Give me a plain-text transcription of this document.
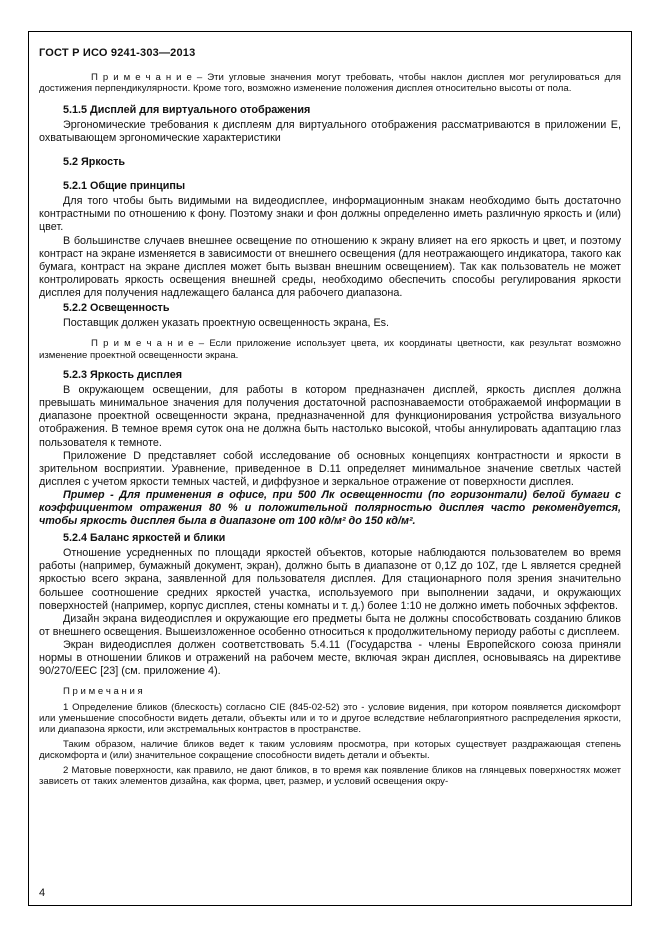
ГОСТ Р ИСО 9241-303—2013

П р и м е ч а н и е – Эти угловые значения могут требовать, чтобы наклон дисплея мог регулироваться для достижения перпендикулярности. Кроме того, возможно изменение положения дисплея относительно высоты от пола.

5.1.5 Дисплей для виртуального отображения

Эргономические требования к дисплеям для виртуального отображения рассматриваются в приложении E, охватывающем эргономические характеристики

5.2 Яркость

5.2.1 Общие принципы

Для того чтобы быть видимыми на видеодисплее, информационным знакам необходимо быть достаточно контрастными по отношению к фону. Поэтому знаки и фон должны определенно иметь различную яркость и (или) цвет.

В большинстве случаев внешнее освещение по отношению к экрану влияет на его яркость и цвет, и поэтому контраст на экране изменяется в зависимости от внешнего освещения (для неотражающего индикатора, такого как бумага, контраст на экране дисплея может быть вызван внешним освещением). Так как пользователь не может контролировать яркость освещения внешней среды, необходимо обеспечить способы регулирования яркости дисплея для получения надлежащего баланса для рабочего диапазона.

5.2.2 Освещенность

Поставщик должен указать проектную освещенность экрана, Es.

П р и м е ч а н и е – Если приложение использует цвета, их координаты цветности, как результат возможно изменение проектной освещенности экрана.

5.2.3 Яркость дисплея

В окружающем освещении, для работы в котором предназначен дисплей, яркость дисплея должна превышать минимальное значения для получения достаточной распознаваемости отображаемой информации в диапазоне проектной освещенности экрана, предназначенной для функционирования устройства визуального отображения. В темное время суток она не должна быть настолько высокой, чтобы аннулировать адаптацию глаз пользователя к темноте.

Приложение D представляет собой исследование об основных концепциях контрастности и яркости в зрительном восприятии. Уравнение, приведенное в D.11 определяет минимальное значение светлых частей дисплея с учетом яркости темных частей, и диффузное и зеркальное отражение от поверхности дисплея.

Пример - Для применения в офисе, при 500 Лк освещенности (по горизонтали) белой бумаги с коэффициентом отражения 80 % и положительной полярностью дисплея часто рекомендуется, чтобы яркость дисплея была в диапазоне от 100 кд/м² до 150 кд/м².

5.2.4 Баланс яркостей и блики

Отношение усредненных по площади яркостей объектов, которые наблюдаются пользователем во время работы (например, бумажный документ, экран), должно быть в диапазоне от 0,1Z до 10Z, где L является средней яркостью всего экрана, заявленной для пользователя дисплея. Для стационарного поля зрения значительно большее соотношение средних яркостей участка, используемого при выполнении задачи, и окружающих поверхностей (например, корпус дисплея, стены комнаты и т. д.) более 1:10 не должно иметь побочных эффектов.

Дизайн экрана видеодисплея и окружающие его предметы быта не должны способствовать созданию бликов от внешнего освещения. Вышеизложенное особенно относиться к продолжительному периоду работы с дисплеем.

Экран видеодисплея должен соответствовать 5.4.11 (Государства - члены Европейского союза приняли нормы в отношении бликов и отражений на рабочем месте, включая экран дисплея, основываясь на директиве 90/270/ЕЕС [23] (см. приложение 4).

П р и м е ч а н и я

1 Определение бликов (блескость) согласно CIE (845-02-52) это - условие видения, при котором появляется дискомфорт или уменьшение способности видеть детали, объекты или и то и другое вследствие неблагоприятного распределения яркости, или диапазона яркости, или экстремальных контрастов в пространстве.

Таким образом, наличие бликов ведет к таким условиям просмотра, при которых существует раздражающая степень дискомфорта и (или) значительное сокращение способности видеть детали и объекты.

2 Матовые поверхности, как правило, не дают бликов, в то время как появление бликов на глянцевых поверхностях может зависеть от таких элементов дизайна, как форма, цвет, размер, и условий освещения окру-

4
